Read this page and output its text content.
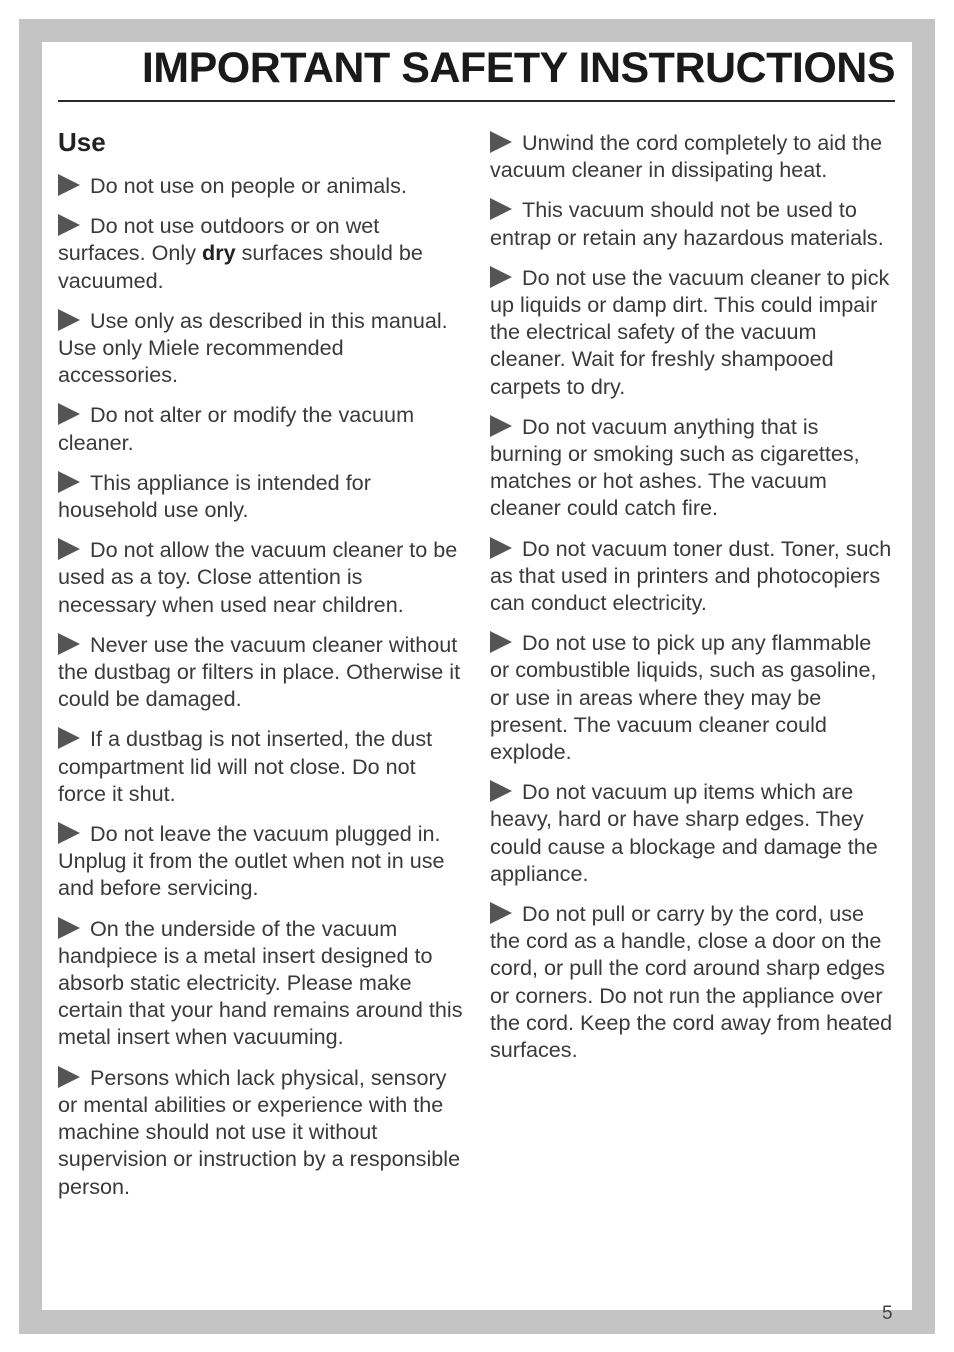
IMPORTANT SAFETY INSTRUCTIONS
Use

Do not use on people or animals.

Do not use outdoors or on wet surfaces. Only dry surfaces should be vacuumed.

Use only as described in this manual. Use only Miele recommended accessories.

Do not alter or modify the vacuum cleaner.

This appliance is intended for household use only.

Do not allow the vacuum cleaner to be used as a toy. Close attention is necessary when used near children.

Never use the vacuum cleaner without the dustbag or filters in place. Otherwise it could be damaged.

If a dustbag is not inserted, the dust compartment lid will not close. Do not force it shut.

Do not leave the vacuum plugged in. Unplug it from the outlet when not in use and before servicing.

On the underside of the vacuum handpiece is a metal insert designed to absorb static electricity. Please make certain that your hand remains around this metal insert when vacuuming.

Persons which lack physical, sensory or mental abilities or experience with the machine should not use it without supervision or instruction by a responsible person.

Unwind the cord completely to aid the vacuum cleaner in dissipating heat.

This vacuum should not be used to entrap or retain any hazardous materials.

Do not use the vacuum cleaner to pick up liquids or damp dirt. This could impair the electrical safety of the vacuum cleaner. Wait for freshly shampooed carpets to dry.

Do not vacuum anything that is burning or smoking such as cigarettes, matches or hot ashes. The vacuum cleaner could catch fire.

Do not vacuum toner dust. Toner, such as that used in printers and photocopiers can conduct electricity.

Do not use to pick up any flammable or combustible liquids, such as gasoline, or use in areas where they may be present. The vacuum cleaner could explode.

Do not vacuum up items which are heavy, hard or have sharp edges. They could cause a blockage and damage the appliance.

Do not pull or carry by the cord, use the cord as a handle, close a door on the cord, or pull the cord around sharp edges or corners. Do not run the appliance over the cord. Keep the cord away from heated surfaces.

5
